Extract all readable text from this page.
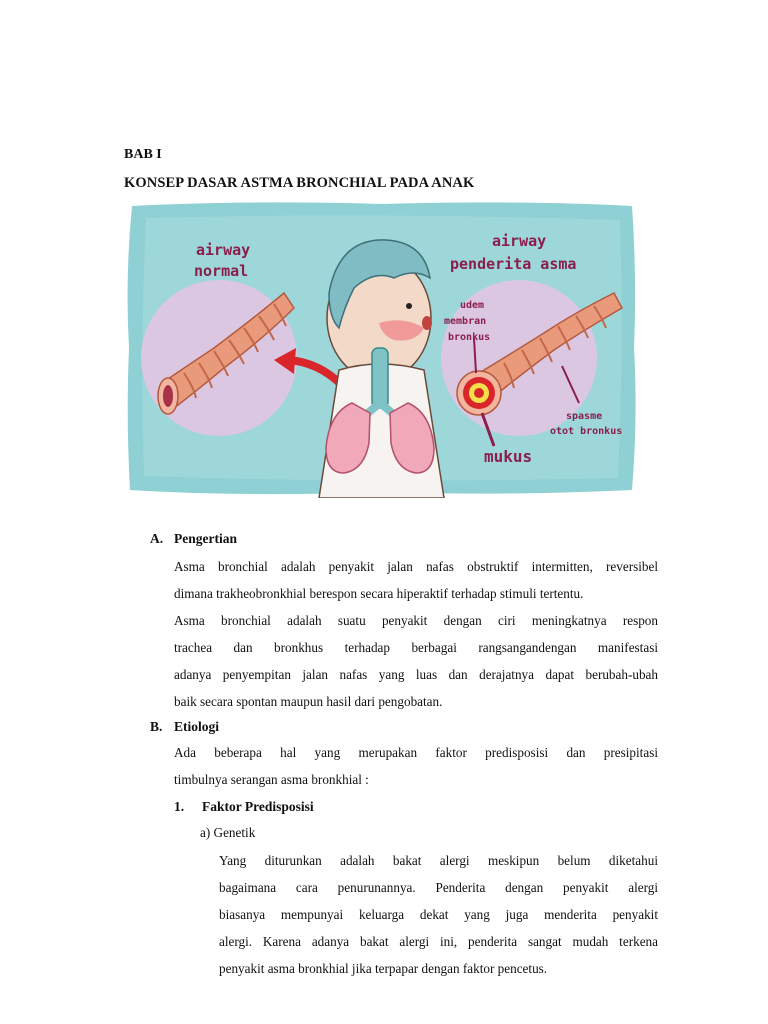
BAB I
KONSEP DASAR ASTMA BRONCHIAL PADA ANAK
airway
normal
airway
penderita asma
udem
membran
bronkus
spasme
otot bronkus
mukus
A. Pengertian
Asma bronchial adalah penyakit jalan nafas obstruktif intermitten, reversibel
dimana trakheobronkhial berespon secara hiperaktif terhadap stimuli tertentu.
Asma bronchial adalah suatu penyakit dengan ciri meningkatnya respon
trachea dan bronkhus terhadap berbagai rangsangandengan manifestasi
adanya penyempitan jalan nafas yang luas dan derajatnya dapat berubah-ubah
baik secara spontan maupun hasil dari pengobatan.
B. Etiologi
Ada beberapa hal yang merupakan faktor predisposisi dan presipitasi
timbulnya serangan asma bronkhial :
1. Faktor Predisposisi
a) Genetik
Yang diturunkan adalah bakat alergi meskipun belum diketahui
bagaimana cara penurunannya. Penderita dengan penyakit alergi
biasanya mempunyai keluarga dekat yang juga menderita penyakit
alergi. Karena adanya bakat alergi ini, penderita sangat mudah terkena
penyakit asma bronkhial jika terpapar dengan faktor pencetus.
